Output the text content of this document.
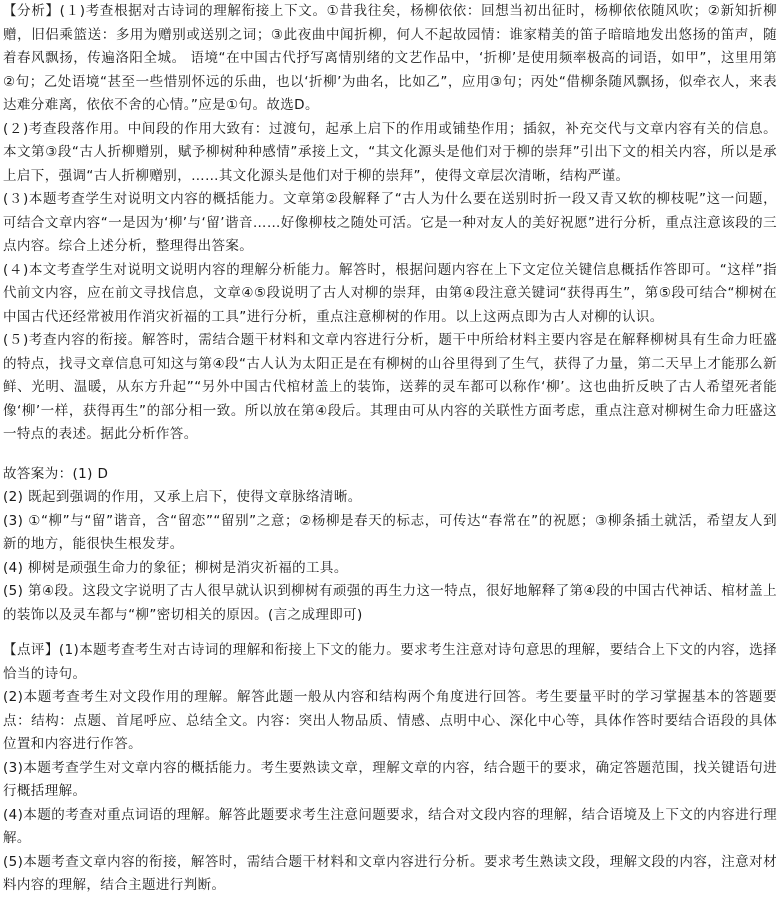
【分析】(１)考查根据对古诗词的理解衔接上下文。①昔我往矣，杨柳依依：回想当初出征时，杨柳依依随风吹；②新知折柳赠，旧侣乘篮送：多用为赠别或送别之词；③此夜曲中闻折柳，何人不起故园情：谁家精美的笛子暗暗地发出悠扬的笛声，随着春风飘扬，传遍洛阳全城。 语境“在中国古代抒写离情别绪的文艺作品中，‘折柳’是使用频率极高的词语，如甲”，这里用第②句；乙处语境“甚至一些惜别怀远的乐曲，也以‘折柳’为曲名，比如乙”，应用③句；丙处“借柳条随风飘扬，似牵衣人，来表达难分难离，依依不舍的心情。”应是①句。故选D。

(２)考查段落作用。中间段的作用大致有：过渡句，起承上启下的作用或铺垫作用；插叙，补充交代与文章内容有关的信息。本文第③段“古人折柳赠别，赋予柳树种种感情”承接上文，“其文化源头是他们对于柳的崇拜”引出下文的相关内容，所以是承上启下，强调“古人折柳赠别，……其文化源头是他们对于柳的崇拜”，使得文章层次清晰，结构严谨。

(３)本题考查学生对说明文内容的概括能力。文章第②段解释了“古人为什么要在送别时折一段又青又软的柳枝呢”这一问题，可结合文章内容“一是因为‘柳’与‘留’谐音……好像柳枝之随处可活。它是一种对友人的美好祝愿”进行分析，重点注意该段的三点内容。综合上述分析，整理得出答案。

(４)本文考查学生对说明文说明内容的理解分析能力。解答时，根据问题内容在上下文定位关键信息概括作答即可。“这样”指代前文内容，应在前文寻找信息，文章④⑤段说明了古人对柳的崇拜，由第④段注意关键词“获得再生”，第⑤段可结合“柳树在中国古代还经常被用作消灾祈福的工具”进行分析，重点注意柳树的作用。以上这两点即为古人对柳的认识。

(５)考查内容的衔接。解答时，需结合题干材料和文章内容进行分析，题干中所给材料主要内容是在解释柳树具有生命力旺盛的特点，找寻文章信息可知这与第④段“古人认为太阳正是在有柳树的山谷里得到了生气，获得了力量，第二天早上才能那么新鲜、光明、温暖，从东方升起”“另外中国古代棺材盖上的装饰，送葬的灵车都可以称作‘柳’。这也曲折反映了古人希望死者能像‘柳’一样，获得再生”的部分相一致。所以放在第④段后。其理由可从内容的关联性方面考虑，重点注意对柳树生命力旺盛这一特点的表述。据此分析作答。

故答案为：(1) D

(2) 既起到强调的作用，又承上启下，使得文章脉络清晰。

(3) ①“柳”与“留”谐音，含“留恋”“留别”之意；②杨柳是春天的标志，可传达“春常在”的祝愿；③柳条插土就活，希望友人到新的地方，能很快生根发芽。

(4) 柳树是顽强生命力的象征；柳树是消灾祈福的工具。

(5) 第④段。这段文字说明了古人很早就认识到柳树有顽强的再生力这一特点，很好地解释了第④段的中国古代神话、棺材盖上的装饰以及灵车都与“柳”密切相关的原因。(言之成理即可)

【点评】(1)本题考查考生对古诗词的理解和衔接上下文的能力。要求考生注意对诗句意思的理解，要结合上下文的内容，选择恰当的诗句。

(2)本题考查考生对文段作用的理解。解答此题一般从内容和结构两个角度进行回答。考生要量平时的学习掌握基本的答题要点：结构：点题、首尾呼应、总结全文。内容：突出人物品质、情感、点明中心、深化中心等，具体作答时要结合语段的具体位置和内容进行作答。

(3)本题考查学生对文章内容的概括能力。考生要熟读文章，理解文章的内容，结合题干的要求，确定答题范围，找关键语句进行概括理解。

(4)本题的考查对重点词语的理解。解答此题要求考生注意问题要求，结合对文段内容的理解，结合语境及上下文的内容进行理解。

(5)本题考查文章内容的衔接，解答时，需结合题干材料和文章内容进行分析。要求考生熟读文段，理解文段的内容，注意对材料内容的理解，结合主题进行判断。
